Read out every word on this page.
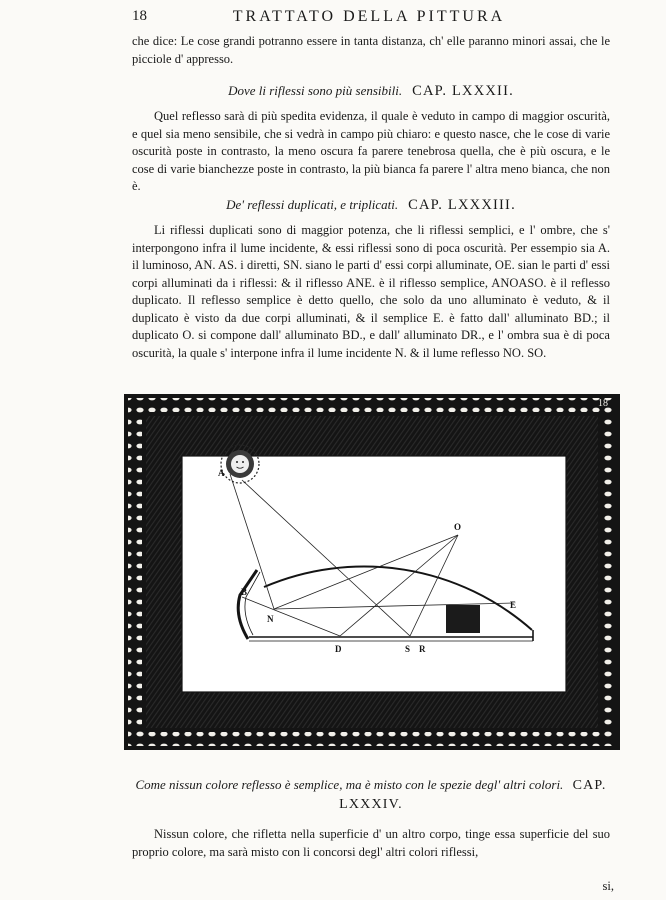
18	TRATTATO DELLA PITTURA

che dice: Le cose grandi potranno essere in tanta distanza, ch' elle paranno minori assai, che le picciole d' appresso.

Dove li riflessi sono più sensibili. CAP. LXXXII.

Quel reflesso sarà di più spedita evidenza, il quale è veduto in campo di maggior oscurità, e quel sia meno sensibile, che si vedrà in campo più chiaro: e questo nasce, che le cose di varie oscurità poste in contrasto, la meno oscura fa parere tenebrosa quella, che è più oscura, e le cose di varie bianchezze poste in contrasto, la più bianca fa parere l' altra meno bianca, che non è.

De' reflessi duplicati, e triplicati. CAP. LXXXIII.

Li riflessi duplicati sono di maggior potenza, che li riflessi semplici, e l' ombre, che s' interpongono infra il lume incidente, & essi riflessi sono di poca oscurità. Per essempio sia A. il luminoso, AN. AS. i diretti, SN. siano le parti d' essi corpi alluminate, OE. sian le parti d' essi corpi alluminati da i riflessi: & il riflesso ANE. è il riflesso semplice, ANOASO. è il reflesso duplicato. Il reflesso semplice è detto quello, che solo da uno alluminato è veduto, & il duplicato è visto da due corpi alluminati, & il semplice E. è fatto dall' alluminato BD.; il duplicato O. si compone dall' alluminato BD., e dall' alluminato DR., e l' ombra sua è di poca oscurità, la quale s' interpone infra il lume incidente N. & il lume reflesso NO. SO.

18
A
B
N
D	S R
O
E
Come nissun colore reflesso è semplice, ma è misto con le spezie degl' altri colori. CAP. LXXXIV.

Nissun colore, che rifletta nella superficie d' un altro corpo, tinge essa superficie del suo proprio colore, ma sarà misto con li concorsi degl' altri colori riflessi,

si,
